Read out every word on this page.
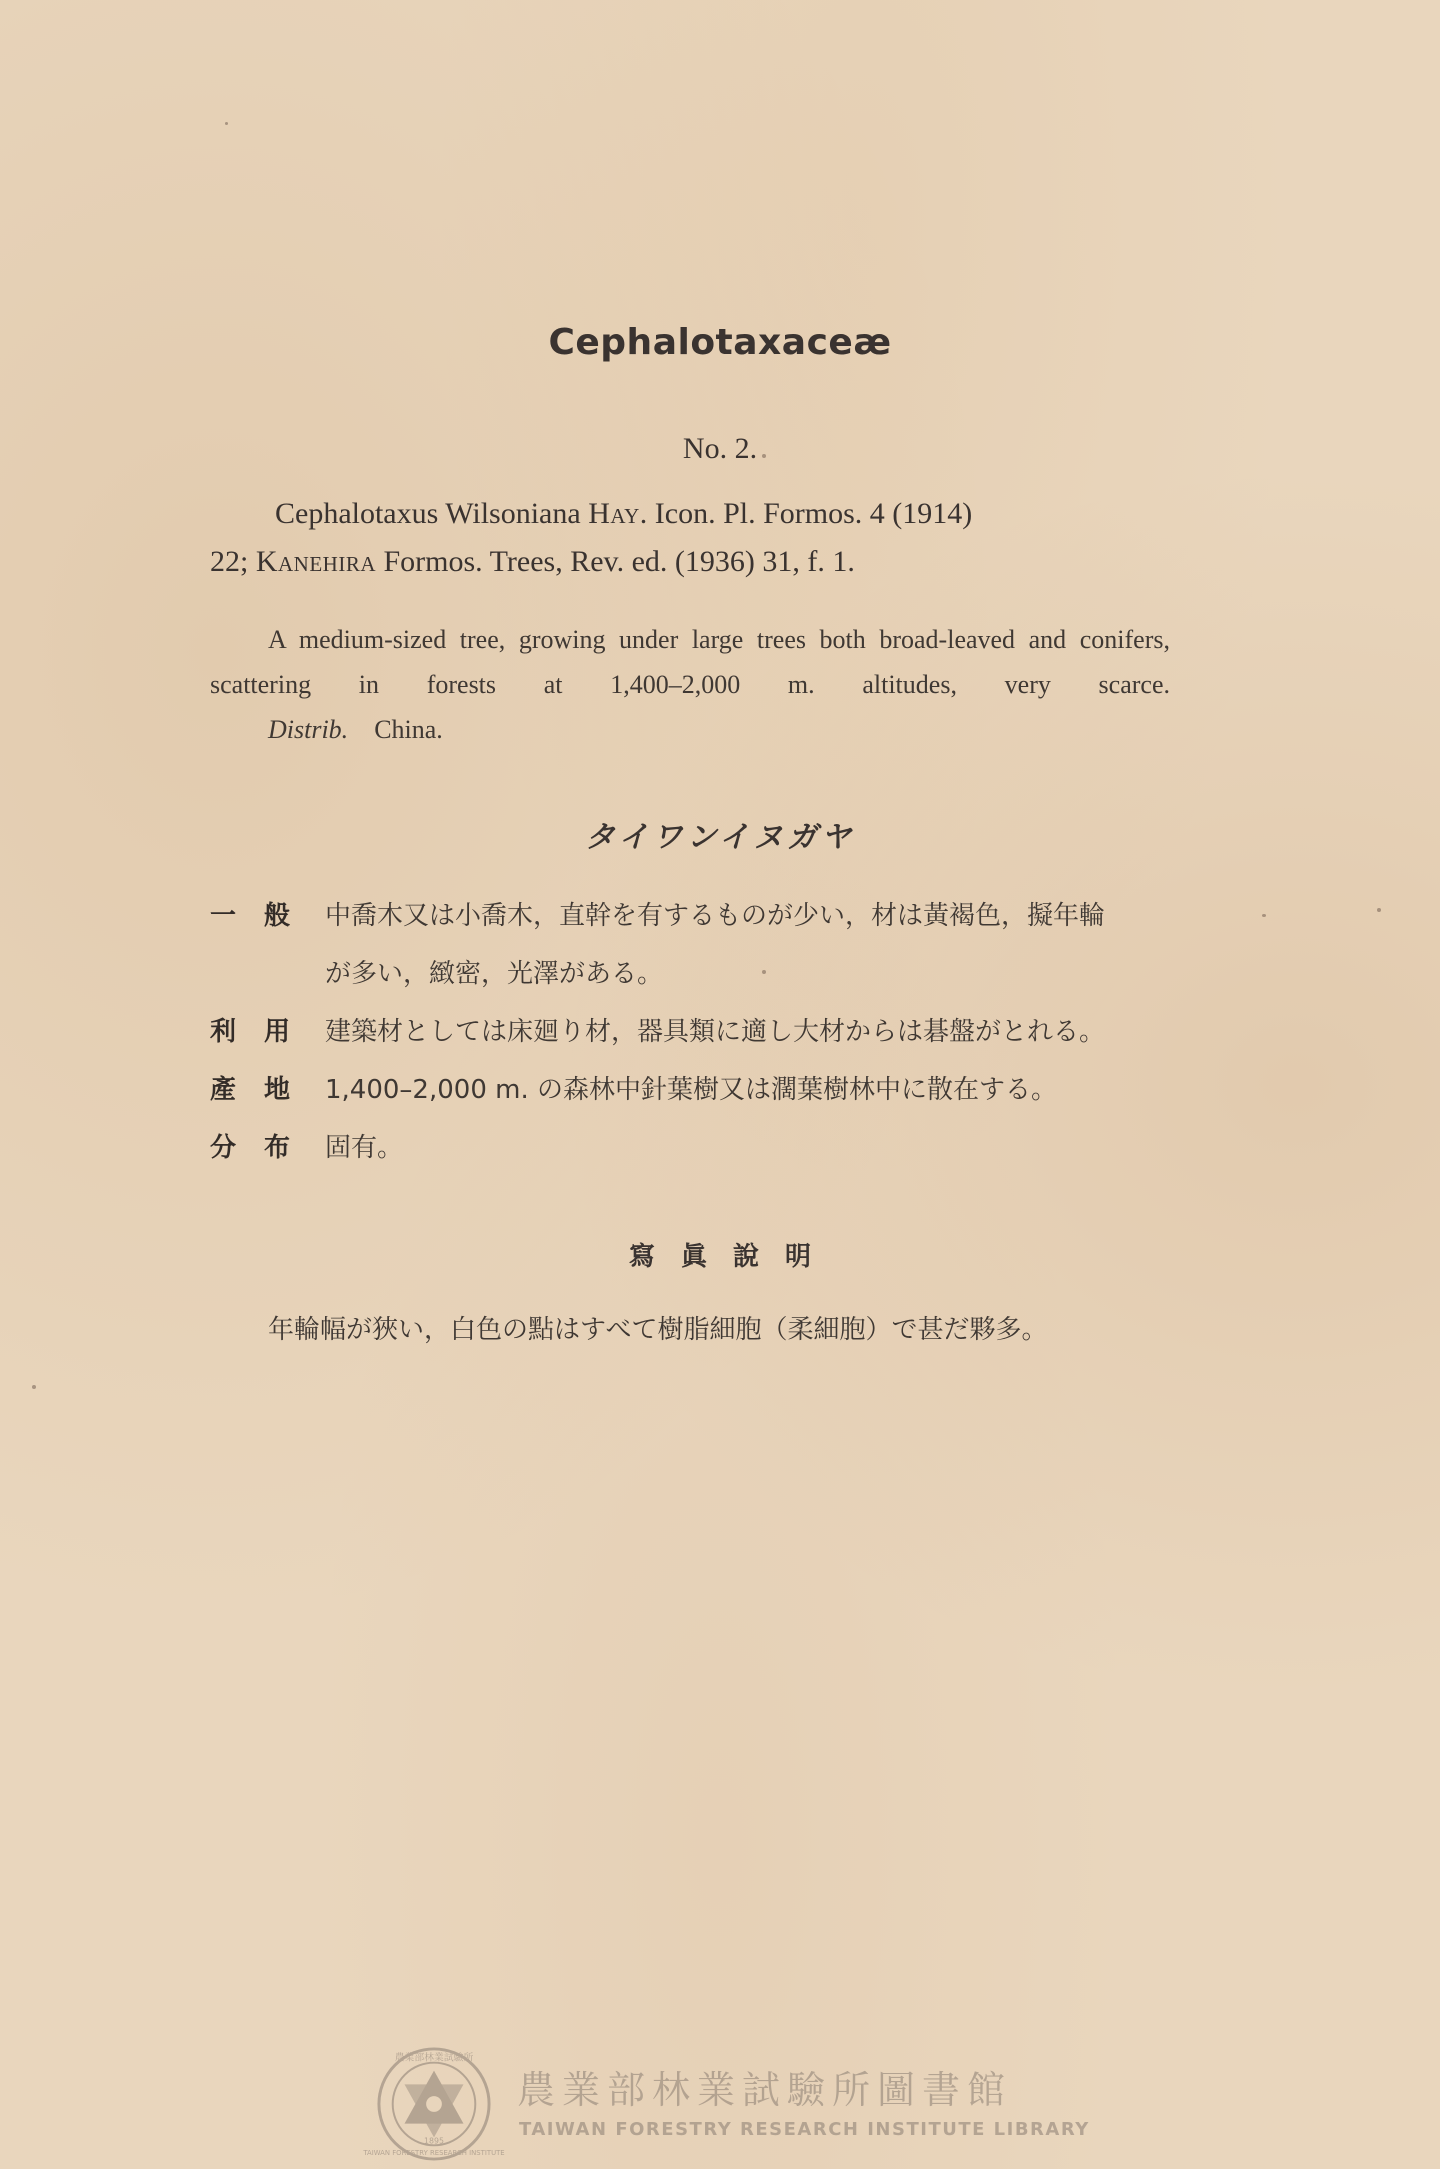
Cephalotaxaceæ
No. 2.
Cephalotaxus Wilsoniana Hay. Icon. Pl. Formos. 4 (1914)
22; Kanehira Formos. Trees, Rev. ed. (1936) 31, f. 1.
A medium-sized tree, growing under large trees both broad-leaved and conifers, scattering in forests at 1,400–2,000 m. altitudes, very scarce.
Distrib. China.
タイワンイヌガヤ
一般 中喬木又は小喬木，直幹を有するものが少い，材は黃褐色，擬年輪
が多い，緻密，光澤がある。
利用 建築材としては床廻り材，器具類に適し大材からは碁盤がとれる。
產地 1,400–2,000 m. の森林中針葉樹又は濶葉樹林中に散在する。
分布 固有。
寫眞說明
年輪幅が狹い，白色の點はすべて樹脂細胞（柔細胞）で甚だ夥多。
農業部林業試驗所
TAIWAN FORESTRY RESEARCH INSTITUTE
1895
農業部林業試驗所圖書館
TAIWAN FORESTRY RESEARCH INSTITUTE LIBRARY
